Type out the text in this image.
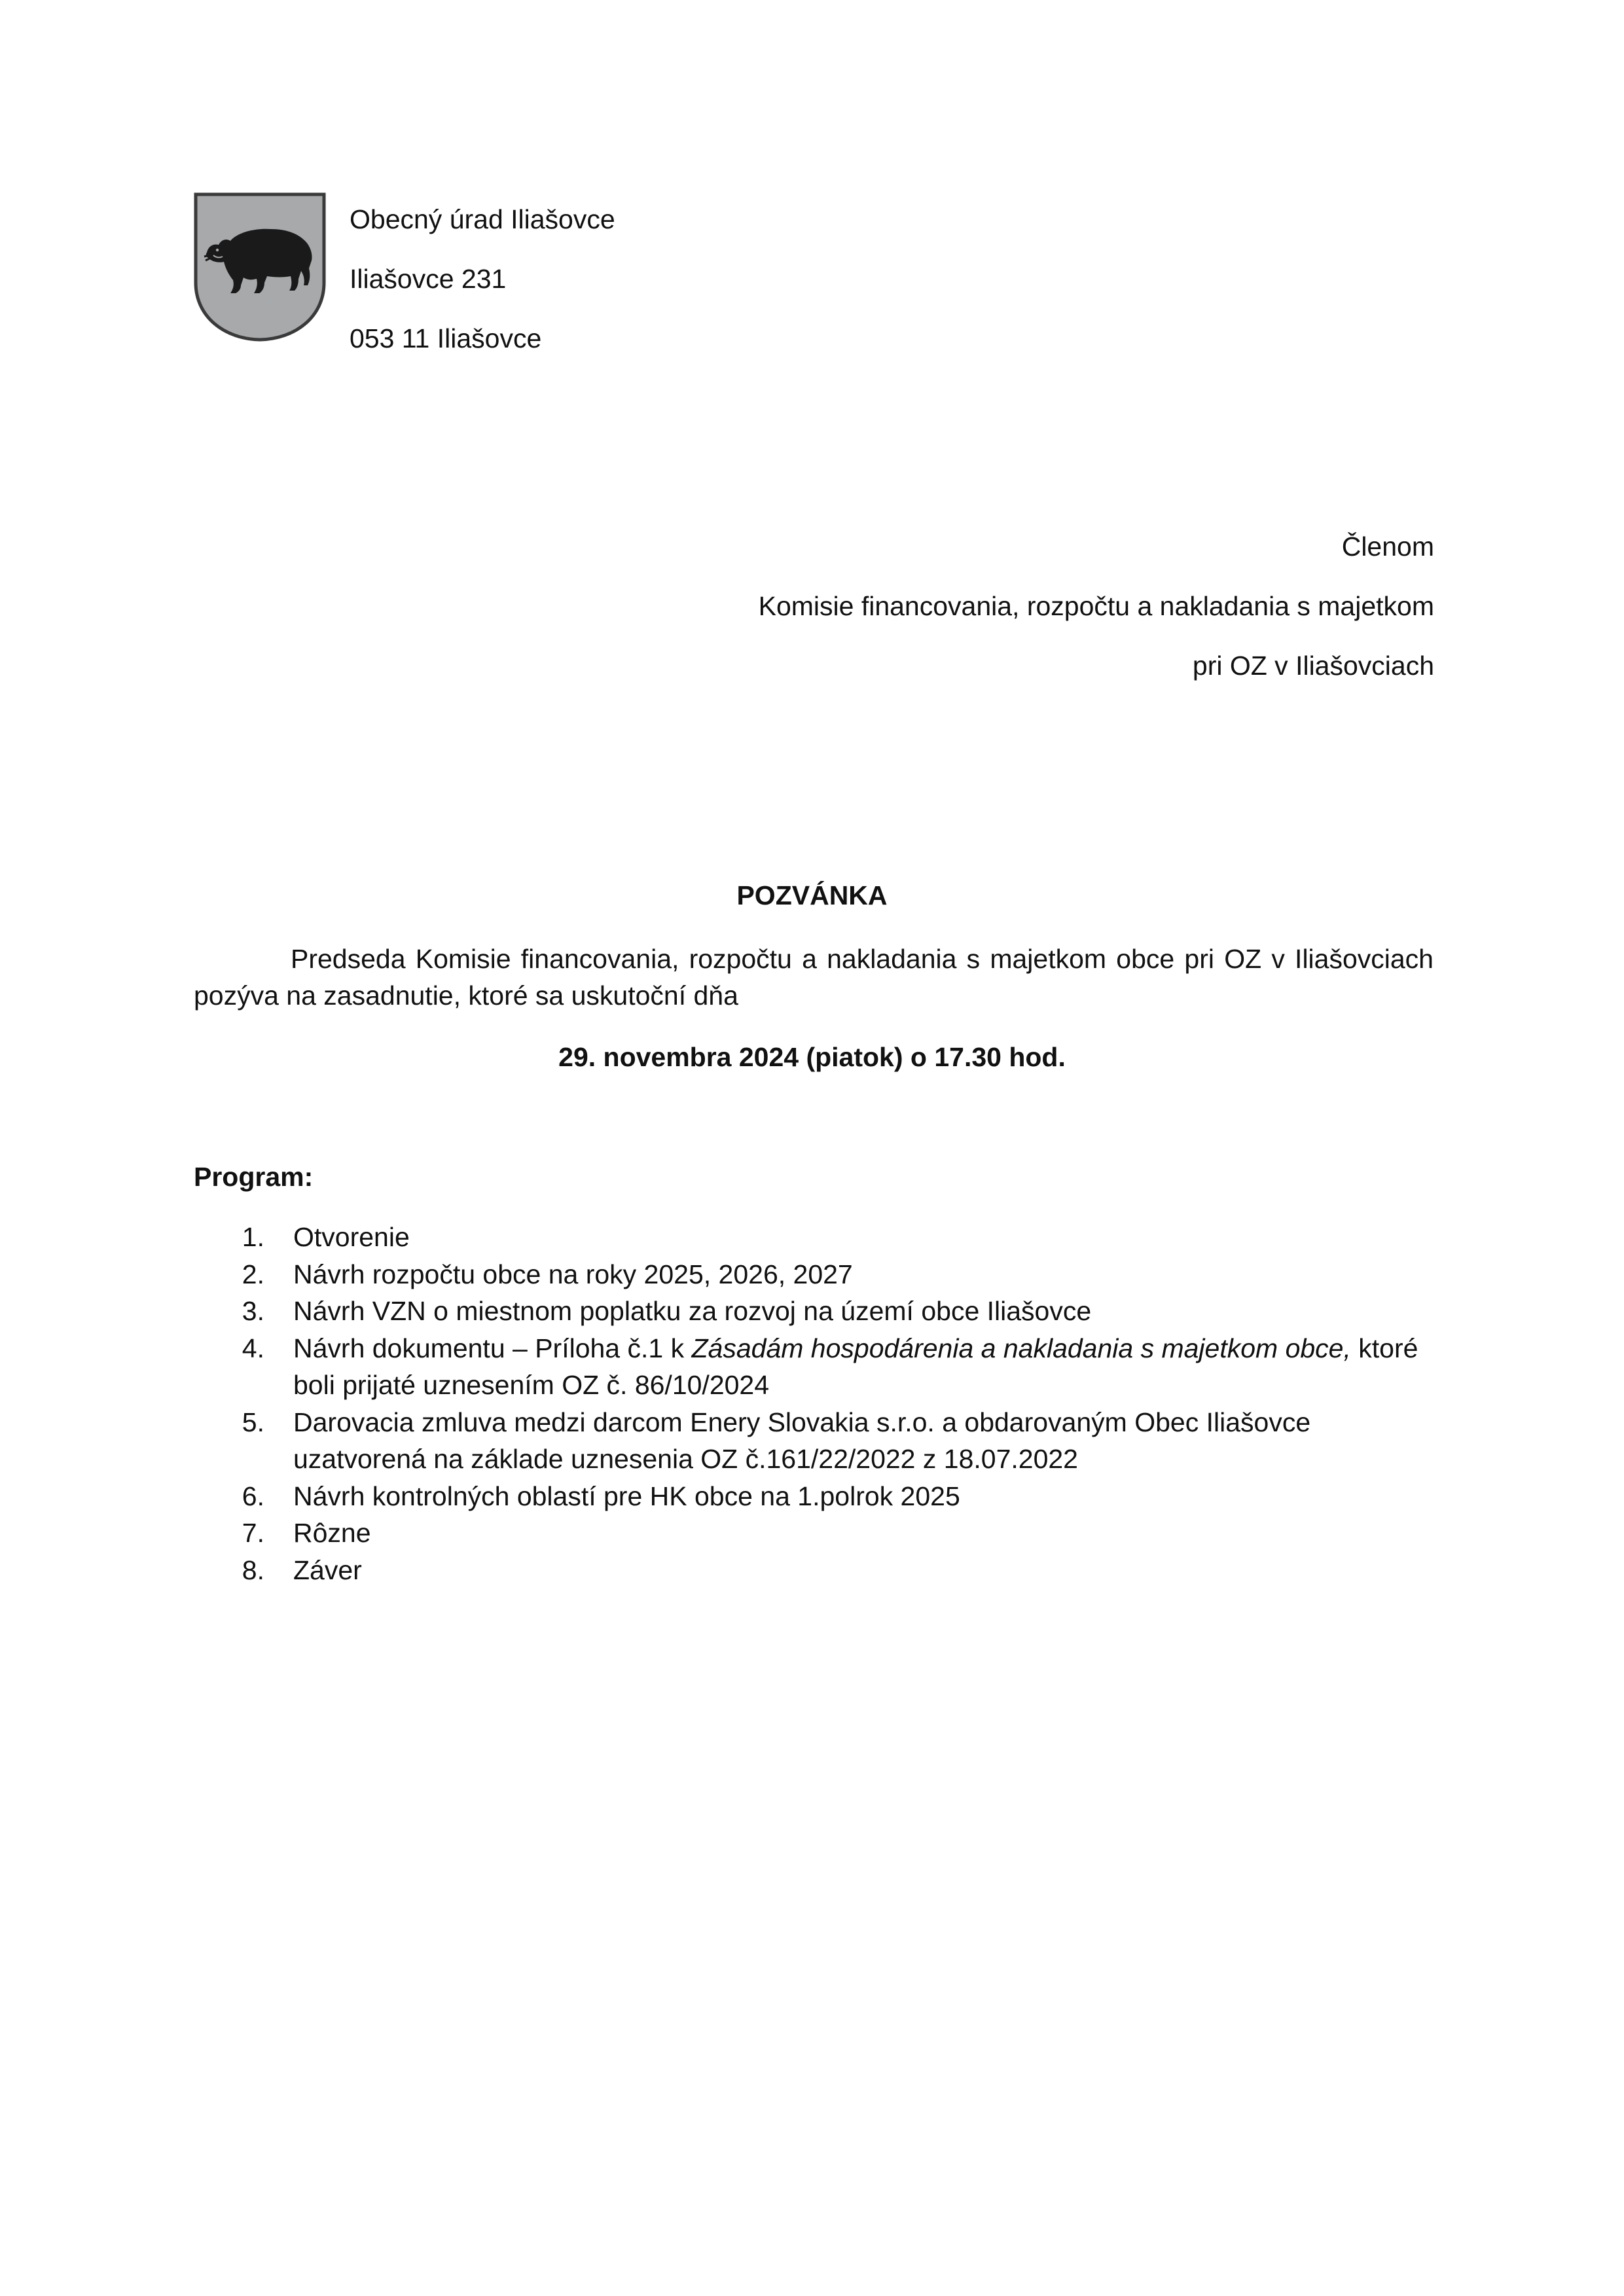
Obecný úrad Iliašovce
Iliašovce 231
053 11 Iliašovce
Členom
Komisie financovania, rozpočtu a nakladania s majetkom
pri OZ v Iliašovciach
POZVÁNKA
Predseda Komisie financovania, rozpočtu a nakladania s majetkom obce pri OZ v Iliašovciach pozýva na zasadnutie, ktoré sa uskutoční dňa
29. novembra 2024 (piatok) o 17.30 hod.
Program:
1.	Otvorenie
2.	Návrh rozpočtu obce na roky 2025, 2026, 2027
3.	Návrh VZN o miestnom poplatku za rozvoj na území obce Iliašovce
4.	Návrh dokumentu – Príloha č.1 k Zásadám hospodárenia a nakladania s majetkom obce, ktoré boli prijaté uznesením OZ č. 86/10/2024
5.	Darovacia zmluva medzi darcom Enery Slovakia s.r.o. a obdarovaným Obec Iliašovce uzatvorená na základe uznesenia OZ č.161/22/2022 z 18.07.2022
6.	Návrh kontrolných oblastí pre HK obce na 1.polrok 2025
7.	Rôzne
8.	Záver
